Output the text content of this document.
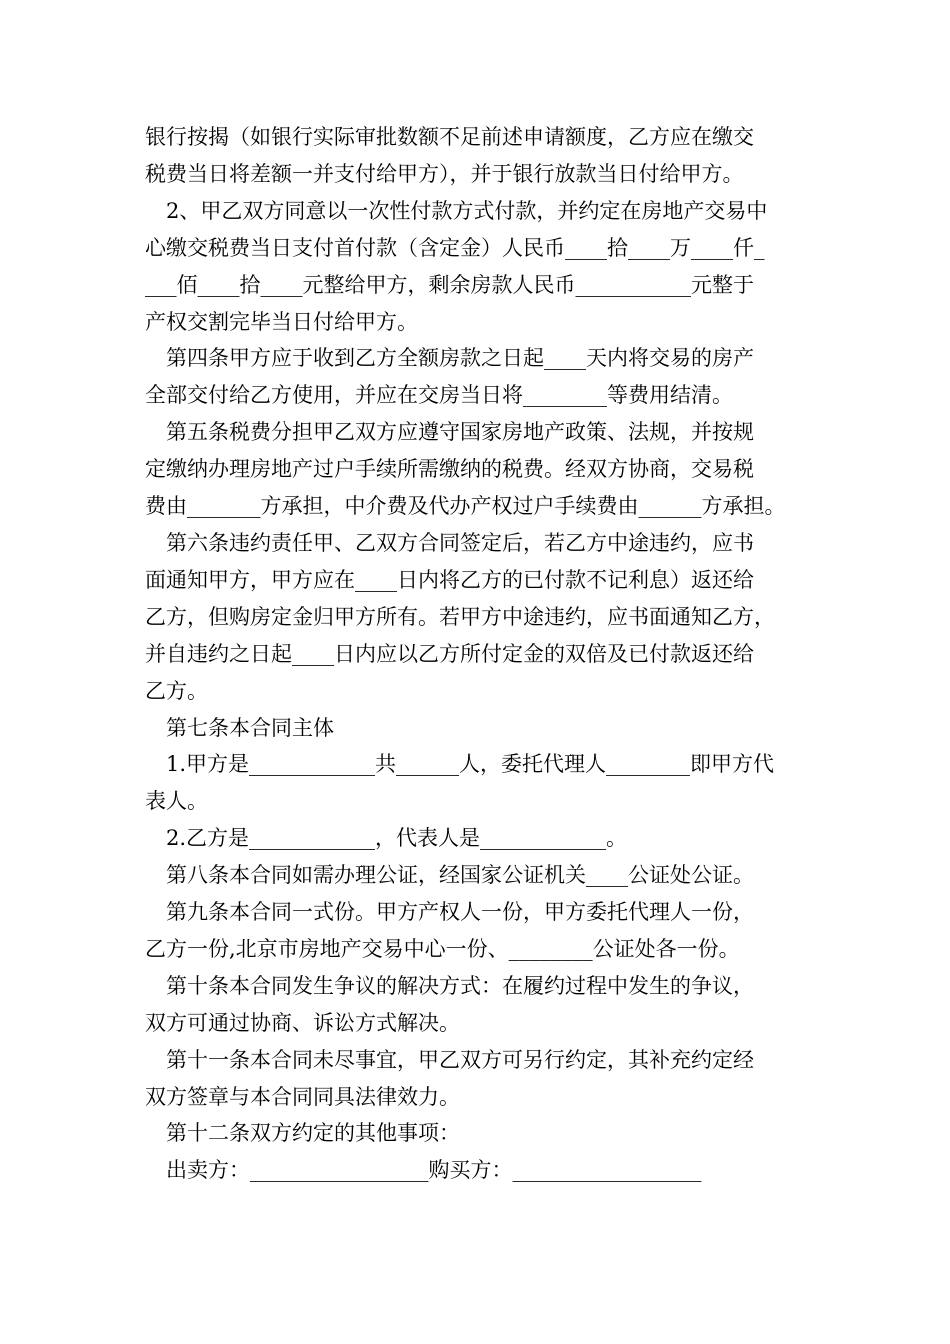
银行按揭（如银行实际审批数额不足前述申请额度，乙方应在缴交

税费当日将差额一并支付给甲方），并于银行放款当日付给甲方。

2、甲乙双方同意以一次性付款方式付款，并约定在房地产交易中

心缴交税费当日支付首付款（含定金）人民币____拾____万____仟_

___佰____拾____元整给甲方，剩余房款人民币___________元整于

产权交割完毕当日付给甲方。

第四条甲方应于收到乙方全额房款之日起____天内将交易的房产

全部交付给乙方使用，并应在交房当日将________等费用结清。

第五条税费分担甲乙双方应遵守国家房地产政策、法规，并按规

定缴纳办理房地产过户手续所需缴纳的税费。经双方协商，交易税

费由_______方承担，中介费及代办产权过户手续费由______方承担。

第六条违约责任甲、乙双方合同签定后，若乙方中途违约，应书

面通知甲方，甲方应在____日内将乙方的已付款不记利息）返还给

乙方，但购房定金归甲方所有。若甲方中途违约，应书面通知乙方，

并自违约之日起____日内应以乙方所付定金的双倍及已付款返还给

乙方。

第七条本合同主体

1.甲方是____________共______人，委托代理人________即甲方代

表人。

2.乙方是____________，代表人是____________。

第八条本合同如需办理公证，经国家公证机关____公证处公证。

第九条本合同一式份。甲方产权人一份，甲方委托代理人一份，

乙方一份,北京市房地产交易中心一份、________公证处各一份。

第十条本合同发生争议的解决方式：在履约过程中发生的争议，

双方可通过协商、诉讼方式解决。

第十一条本合同未尽事宜，甲乙双方可另行约定，其补充约定经

双方签章与本合同同具法律效力。

第十二条双方约定的其他事项：

出卖方：_________________购买方：__________________
